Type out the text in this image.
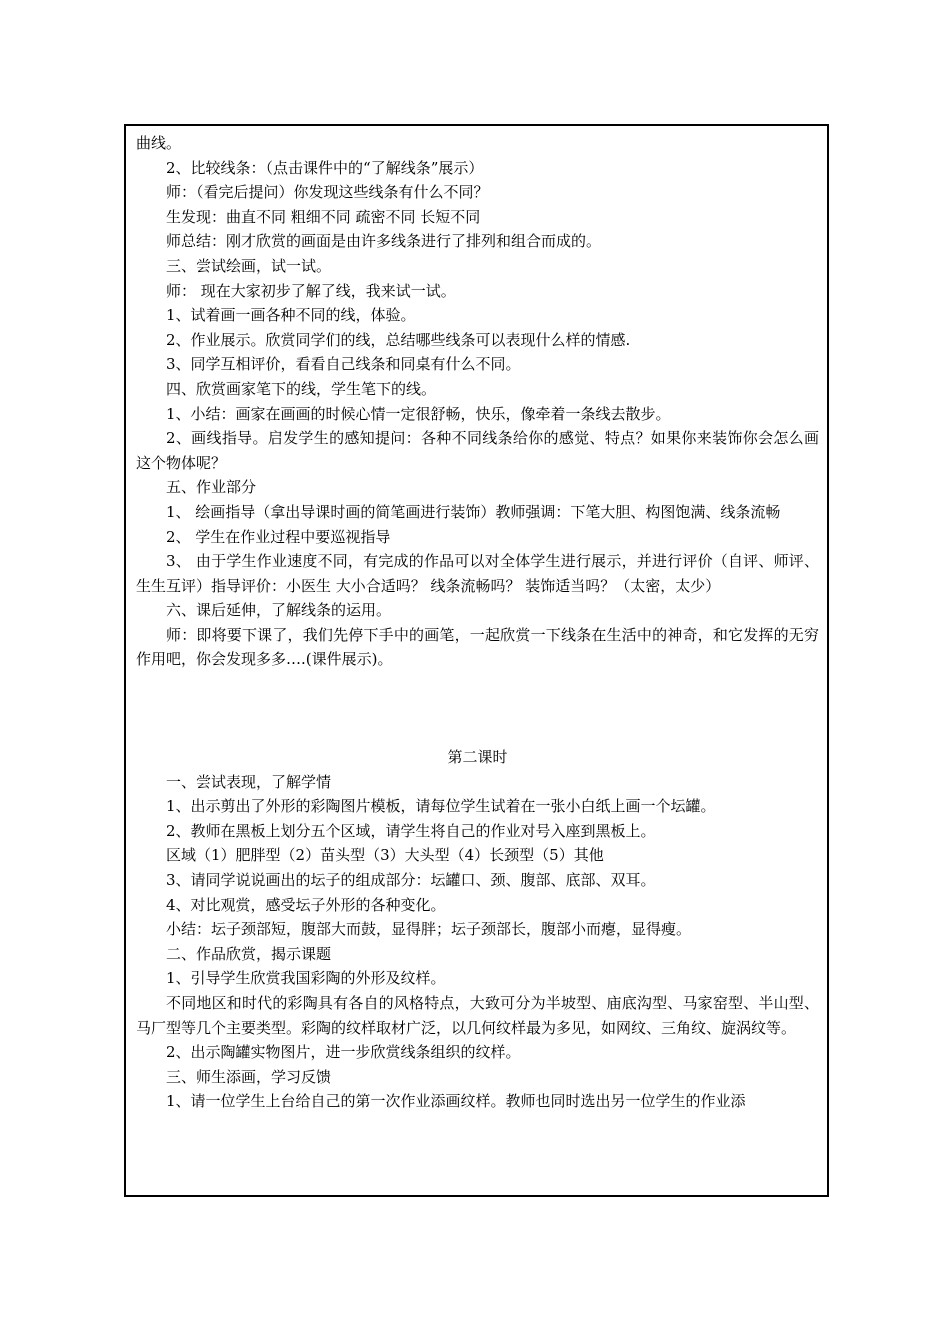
曲线。

2、比较线条：（点击课件中的“了解线条”展示）

师：（看完后提问）你发现这些线条有什么不同？

生发现：曲直不同 粗细不同 疏密不同 长短不同

师总结：刚才欣赏的画面是由许多线条进行了排列和组合而成的。

三、尝试绘画，试一试。

师： 现在大家初步了解了线，我来试一试。

1、试着画一画各种不同的线，体验。

2、作业展示。欣赏同学们的线，总结哪些线条可以表现什么样的情感.

3、同学互相评价，看看自己线条和同桌有什么不同。

四、欣赏画家笔下的线，学生笔下的线。

1、小结：画家在画画的时候心情一定很舒畅，快乐，像牵着一条线去散步。

2、画线指导。启发学生的感知提问：各种不同线条给你的感觉、特点？如果你来装饰你会怎么画这个物体呢？

五、作业部分

1、 绘画指导（拿出导课时画的简笔画进行装饰）教师强调：下笔大胆、构图饱满、线条流畅

2、 学生在作业过程中要巡视指导

3、 由于学生作业速度不同，有完成的作品可以对全体学生进行展示，并进行评价（自评、师评、生生互评）指导评价：小医生 大小合适吗？ 线条流畅吗？ 装饰适当吗？（太密，太少）

六、课后延伸，了解线条的运用。

师：即将要下课了，我们先停下手中的画笔，一起欣赏一下线条在生活中的神奇，和它发挥的无穷作用吧，你会发现多多….(课件展示)。

第二课时

一、尝试表现，了解学情

1、出示剪出了外形的彩陶图片模板，请每位学生试着在一张小白纸上画一个坛罐。

2、教师在黑板上划分五个区域，请学生将自己的作业对号入座到黑板上。

区域（1）肥胖型（2）苗头型（3）大头型（4）长颈型（5）其他

3、请同学说说画出的坛子的组成部分：坛罐口、颈、腹部、底部、双耳。

4、对比观赏，感受坛子外形的各种变化。

小结：坛子颈部短，腹部大而鼓，显得胖；坛子颈部长，腹部小而瘪，显得瘦。

二、作品欣赏，揭示课题

1、引导学生欣赏我国彩陶的外形及纹样。

不同地区和时代的彩陶具有各自的风格特点，大致可分为半坡型、庙底沟型、马家窑型、半山型、马厂型等几个主要类型。彩陶的纹样取材广泛，以几何纹样最为多见，如网纹、三角纹、旋涡纹等。

2、出示陶罐实物图片，进一步欣赏线条组织的纹样。

三、师生添画，学习反馈

1、请一位学生上台给自己的第一次作业添画纹样。教师也同时选出另一位学生的作业添
